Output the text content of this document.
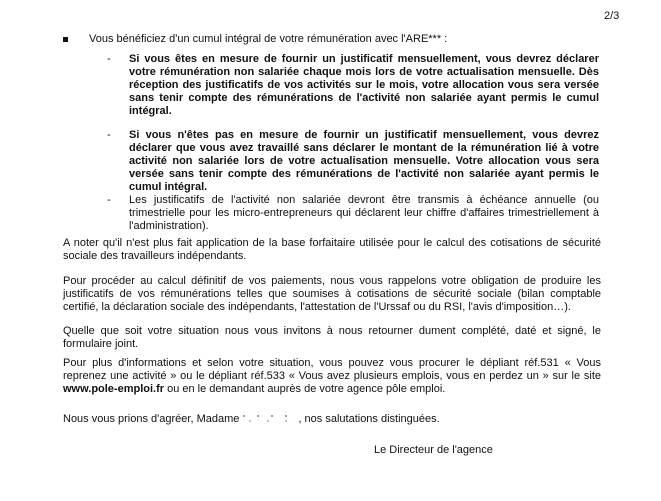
2/3
Vous bénéficiez d'un cumul intégral de votre rémunération avec l'ARE*** :
- Si vous êtes en mesure de fournir un justificatif mensuellement, vous devrez déclarer votre rémunération non salariée chaque mois lors de votre actualisation mensuelle. Dès réception des justificatifs de vos activités sur le mois, votre allocation vous sera versée sans tenir compte des rémunérations de l'activité non salariée ayant permis le cumul intégral.
- Si vous n'êtes pas en mesure de fournir un justificatif mensuellement, vous devrez déclarer que vous avez travaillé sans déclarer le montant de la rémunération lié à votre activité non salariée lors de votre actualisation mensuelle. Votre allocation vous sera versée sans tenir compte des rémunérations de l'activité non salariée ayant permis le cumul intégral.
- Les justificatifs de l'activité non salariée devront être transmis à échéance annuelle (ou trimestrielle pour les micro-entrepreneurs qui déclarent leur chiffre d'affaires trimestriellement à l'administration).
A noter qu'il n'est plus fait application de la base forfaitaire utilisée pour le calcul des cotisations de sécurité sociale des travailleurs indépendants.
Pour procéder au calcul définitif de vos paiements, nous vous rappelons votre obligation de produire les justificatifs de vos rémunérations telles que soumises à cotisations de sécurité sociale (bilan comptable certifié, la déclaration sociale des indépendants, l'attestation de l'Urssaf ou du RSI, l'avis d'imposition…).
Quelle que soit votre situation nous vous invitons à nous retourner dument complété, daté et signé, le formulaire joint.
Pour plus d'informations et selon votre situation, vous pouvez vous procurer le dépliant réf.531 « Vous reprenez une activité » ou le dépliant réf.533 « Vous avez plusieurs emplois, vous en perdez un » sur le site www.pole-emploi.fr ou en le demandant auprès de votre agence pôle emploi.
Nous vous prions d'agréer, Madame	, nos salutations distinguées.
Le Directeur de l'agence
